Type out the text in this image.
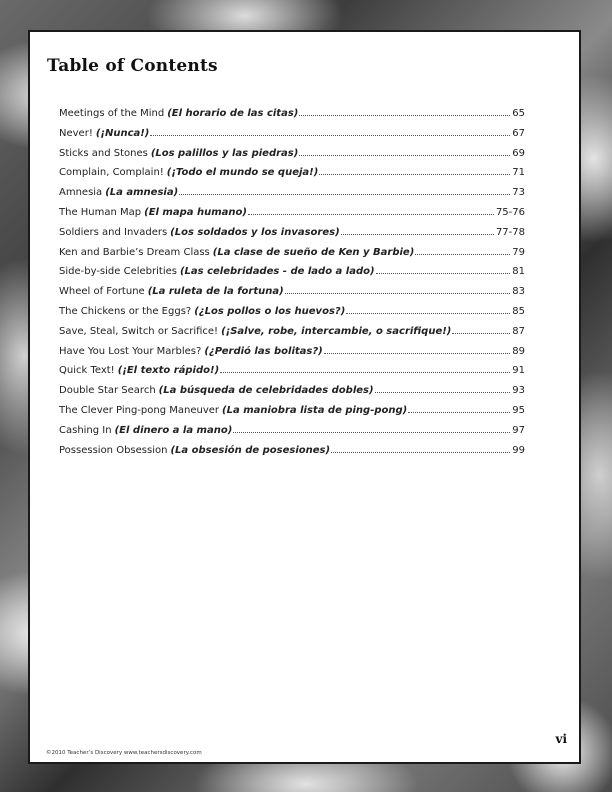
Table of Contents
Meetings of the Mind (El horario de las citas)	65
Never! (¡Nunca!)	67
Sticks and Stones (Los palillos y las piedras)	69
Complain, Complain! (¡Todo el mundo se queja!)	71
Amnesia (La amnesia)	73
The Human Map (El mapa humano)	75-76
Soldiers and Invaders (Los soldados y los invasores)	77-78
Ken and Barbie’s Dream Class (La clase de sueño de Ken y Barbie)	79
Side-by-side Celebrities (Las celebridades - de lado a lado)	81
Wheel of Fortune (La ruleta de la fortuna)	83
The Chickens or the Eggs? (¿Los pollos o los huevos?)	85
Save, Steal, Switch or Sacrifice! (¡Salve, robe, intercambie, o sacrifique!)	87
Have You Lost Your Marbles? (¿Perdió las bolitas?)	89
Quick Text! (¡El texto rápido!)	91
Double Star Search (La búsqueda de celebridades dobles)	93
The Clever Ping-pong Maneuver (La maniobra lista de ping-pong)	95
Cashing In (El dinero a la mano)	97
Possession Obsession (La obsesión de posesiones)	99
vi
©2010 Teacher’s Discovery www.teachersdiscovery.com
